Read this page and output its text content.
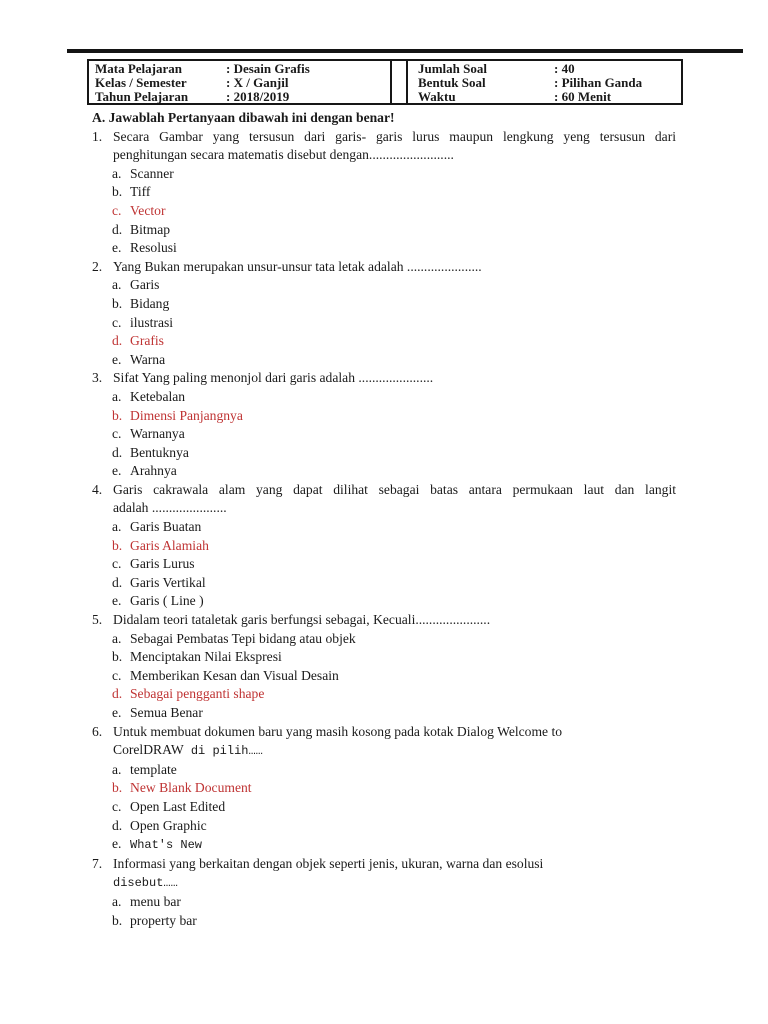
Mata Pelajaran	: Desain Grafis
Kelas / Semester	: X / Ganjil
Tahun Pelajaran	: 2018/2019
Jumlah Soal	: 40
Bentuk Soal	: Pilihan Ganda
Waktu	: 60 Menit
A. Jawablah Pertanyaan dibawah ini dengan benar!
1. Secara Gambar yang tersusun dari garis- garis lurus maupun lengkung yeng tersusun dari
penghitungan secara matematis disebut dengan.........................
a. Scanner
b. Tiff
c. Vector
d. Bitmap
e. Resolusi
2. Yang Bukan merupakan unsur-unsur tata letak adalah ......................
a. Garis
b. Bidang
c. ilustrasi
d. Grafis
e. Warna
3. Sifat Yang paling menonjol dari garis adalah ......................
a. Ketebalan
b. Dimensi Panjangnya
c. Warnanya
d. Bentuknya
e. Arahnya
4. Garis cakrawala alam yang dapat dilihat sebagai batas antara permukaan laut dan langit
adalah ......................
a. Garis Buatan
b. Garis Alamiah
c. Garis Lurus
d. Garis Vertikal
e. Garis ( Line )
5. Didalam teori tataletak garis berfungsi sebagai, Kecuali......................
a. Sebagai Pembatas Tepi bidang atau objek
b. Menciptakan Nilai Ekspresi
c. Memberikan Kesan dan Visual Desain
d. Sebagai pengganti shape
e. Semua Benar
6. Untuk membuat dokumen baru yang masih kosong pada kotak Dialog Welcome to
CorelDRAW di pilih……
a. template
b. New Blank Document
c. Open Last Edited
d. Open Graphic
e. What's New
7. Informasi yang berkaitan dengan objek seperti jenis, ukuran, warna dan esolusi
disebut……
a. menu bar
b. property bar
